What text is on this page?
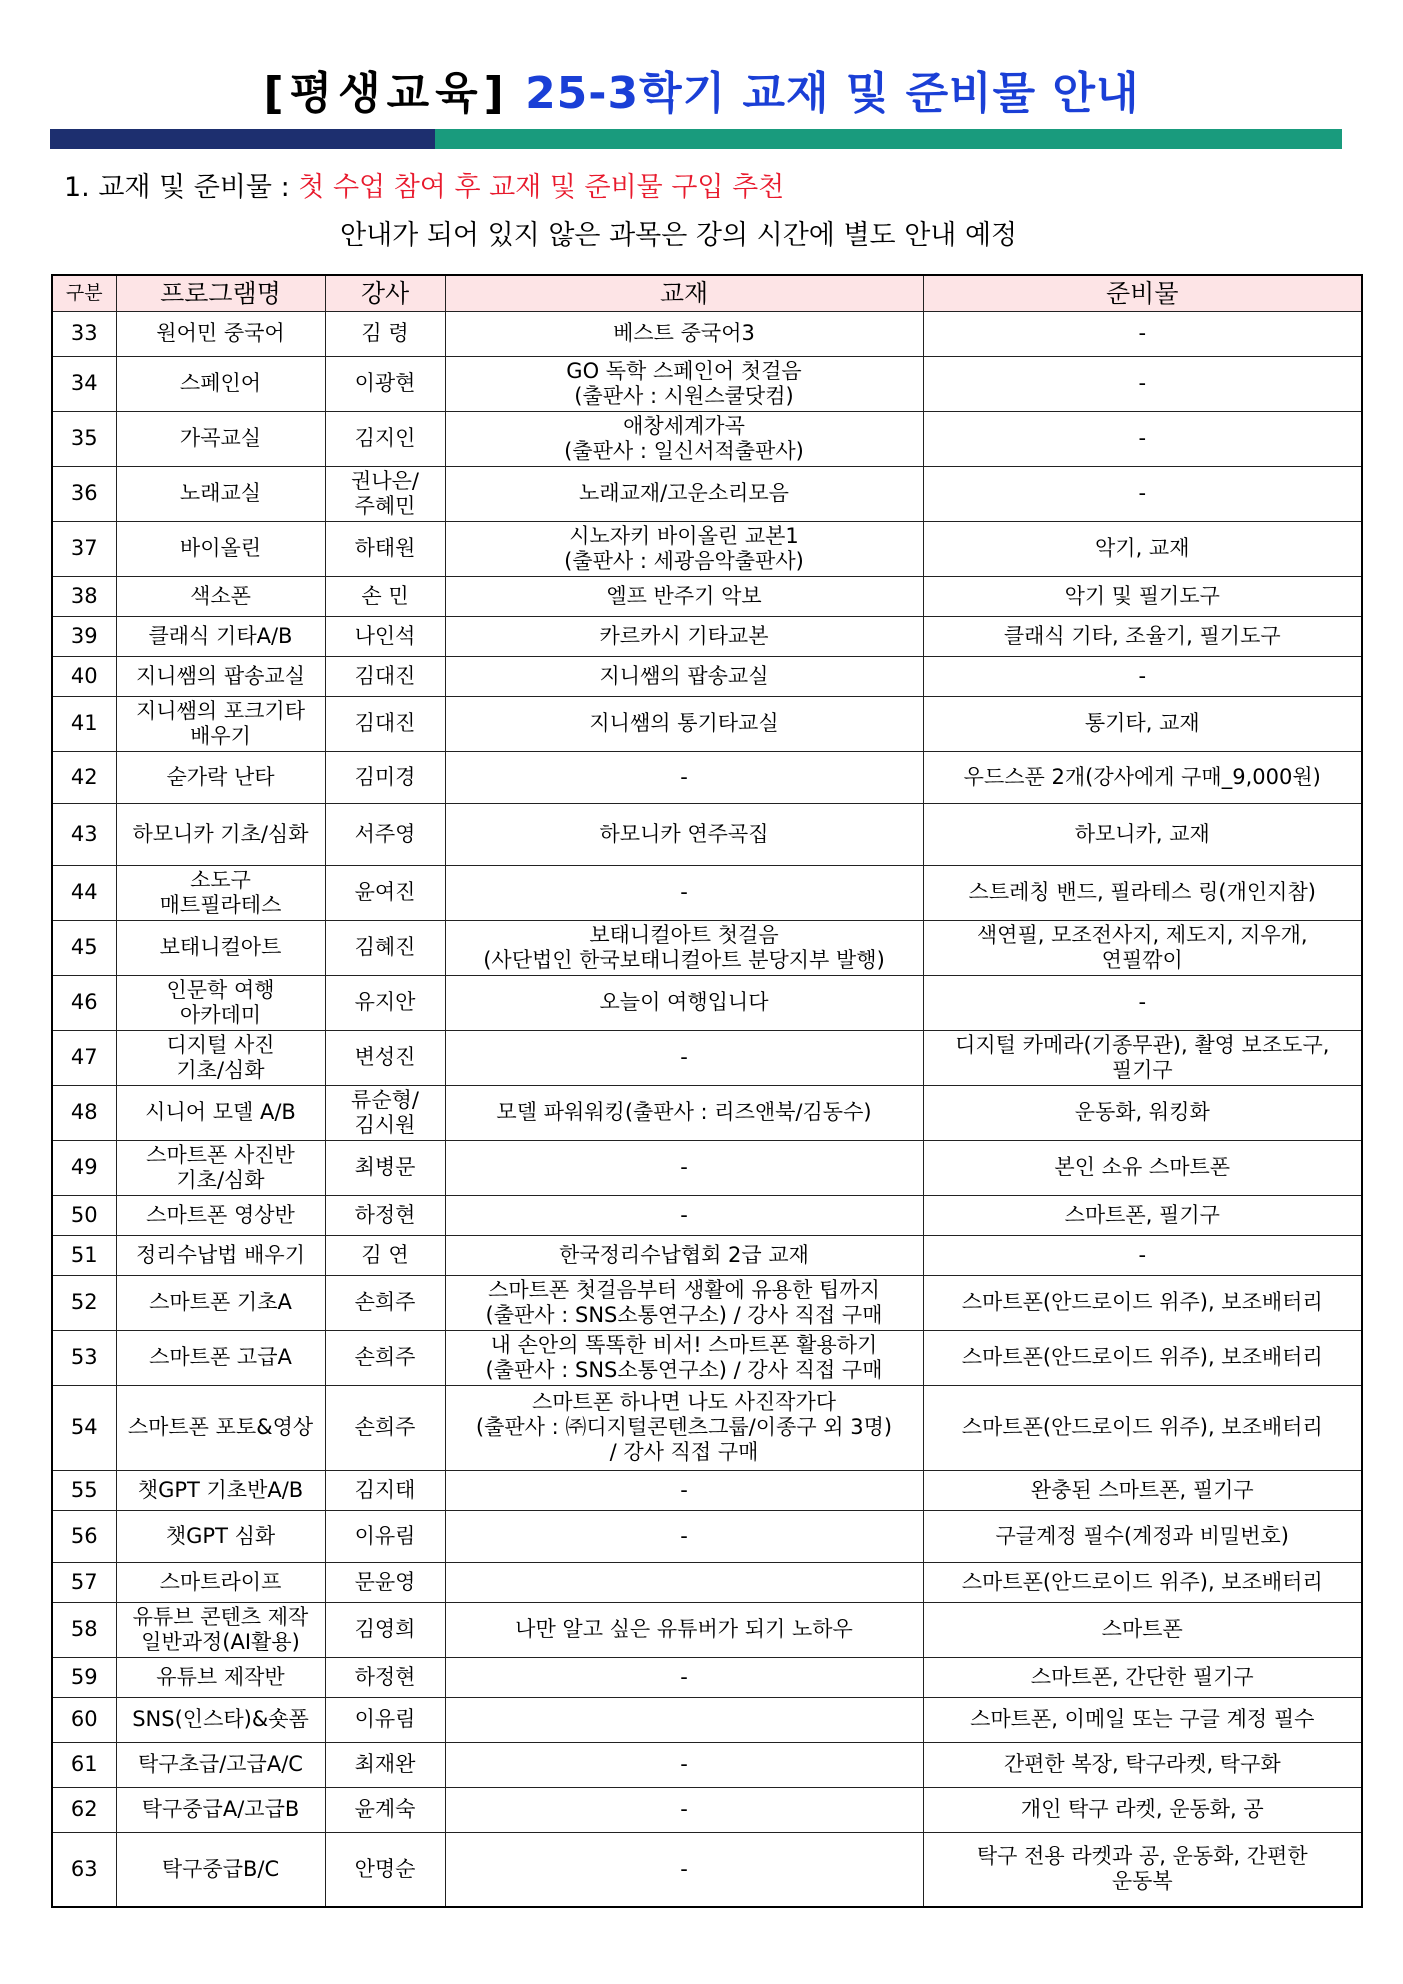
[평생교육] 25-3학기 교재 및 준비물 안내
1. 교재 및 준비물 : 첫 수업 참여 후 교재 및 준비물 구입 추천
안내가 되어 있지 않은 과목은 강의 시간에 별도 안내 예정
구분	프로그램명	강사	교재	준비물
33	원어민 중국어	김 령	베스트 중국어3	-
34	스페인어	이광현	GO 독학 스페인어 첫걸음
(출판사 : 시원스쿨닷컴)	-
35	가곡교실	김지인	애창세계가곡
(출판사 : 일신서적출판사)	-
36	노래교실	권나은/
주혜민	노래교재/고운소리모음	-
37	바이올린	하태원	시노자키 바이올린 교본1
(출판사 : 세광음악출판사)	악기, 교재
38	색소폰	손 민	엘프 반주기 악보	악기 및 필기도구
39	클래식 기타A/B	나인석	카르카시 기타교본	클래식 기타, 조율기, 필기도구
40	지니쌤의 팝송교실	김대진	지니쌤의 팝송교실	-
41	지니쌤의 포크기타
배우기	김대진	지니쌤의 통기타교실	통기타, 교재
42	숟가락 난타	김미경	-	우드스푼 2개(강사에게 구매_9,000원)
43	하모니카 기초/심화	서주영	하모니카 연주곡집	하모니카, 교재
44	소도구
매트필라테스	윤여진	-	스트레칭 밴드, 필라테스 링(개인지참)
45	보태니컬아트	김혜진	보태니컬아트 첫걸음
(사단법인 한국보태니컬아트 분당지부 발행)	색연필, 모조전사지, 제도지, 지우개,
연필깎이
46	인문학 여행
아카데미	유지안	오늘이 여행입니다	-
47	디지털 사진
기초/심화	변성진	-	디지털 카메라(기종무관), 촬영 보조도구,
필기구
48	시니어 모델 A/B	류순형/
김시원	모델 파워워킹(출판사 : 리즈앤북/김동수)	운동화, 워킹화
49	스마트폰 사진반
기초/심화	최병문	-	본인 소유 스마트폰
50	스마트폰 영상반	하정현	-	스마트폰, 필기구
51	정리수납법 배우기	김 연	한국정리수납협회 2급 교재	-
52	스마트폰 기초A	손희주	스마트폰 첫걸음부터 생활에 유용한 팁까지
(출판사 : SNS소통연구소) / 강사 직접 구매	스마트폰(안드로이드 위주), 보조배터리
53	스마트폰 고급A	손희주	내 손안의 똑똑한 비서! 스마트폰 활용하기
(출판사 : SNS소통연구소) / 강사 직접 구매	스마트폰(안드로이드 위주), 보조배터리
54	스마트폰 포토&영상	손희주	스마트폰 하나면 나도 사진작가다
(출판사 : ㈜디지털콘텐츠그룹/이종구 외 3명)
/ 강사 직접 구매	스마트폰(안드로이드 위주), 보조배터리
55	챗GPT 기초반A/B	김지태	-	완충된 스마트폰, 필기구
56	챗GPT 심화	이유림	-	구글계정 필수(계정과 비밀번호)
57	스마트라이프	문윤영		스마트폰(안드로이드 위주), 보조배터리
58	유튜브 콘텐츠 제작
일반과정(AI활용)	김영희	나만 알고 싶은 유튜버가 되기 노하우	스마트폰
59	유튜브 제작반	하정현	-	스마트폰, 간단한 필기구
60	SNS(인스타)&숏폼	이유림		스마트폰, 이메일 또는 구글 계정 필수
61	탁구초급/고급A/C	최재완	-	간편한 복장, 탁구라켓, 탁구화
62	탁구중급A/고급B	윤계숙	-	개인 탁구 라켓, 운동화, 공
63	탁구중급B/C	안명순	-	탁구 전용 라켓과 공, 운동화, 간편한
운동복
